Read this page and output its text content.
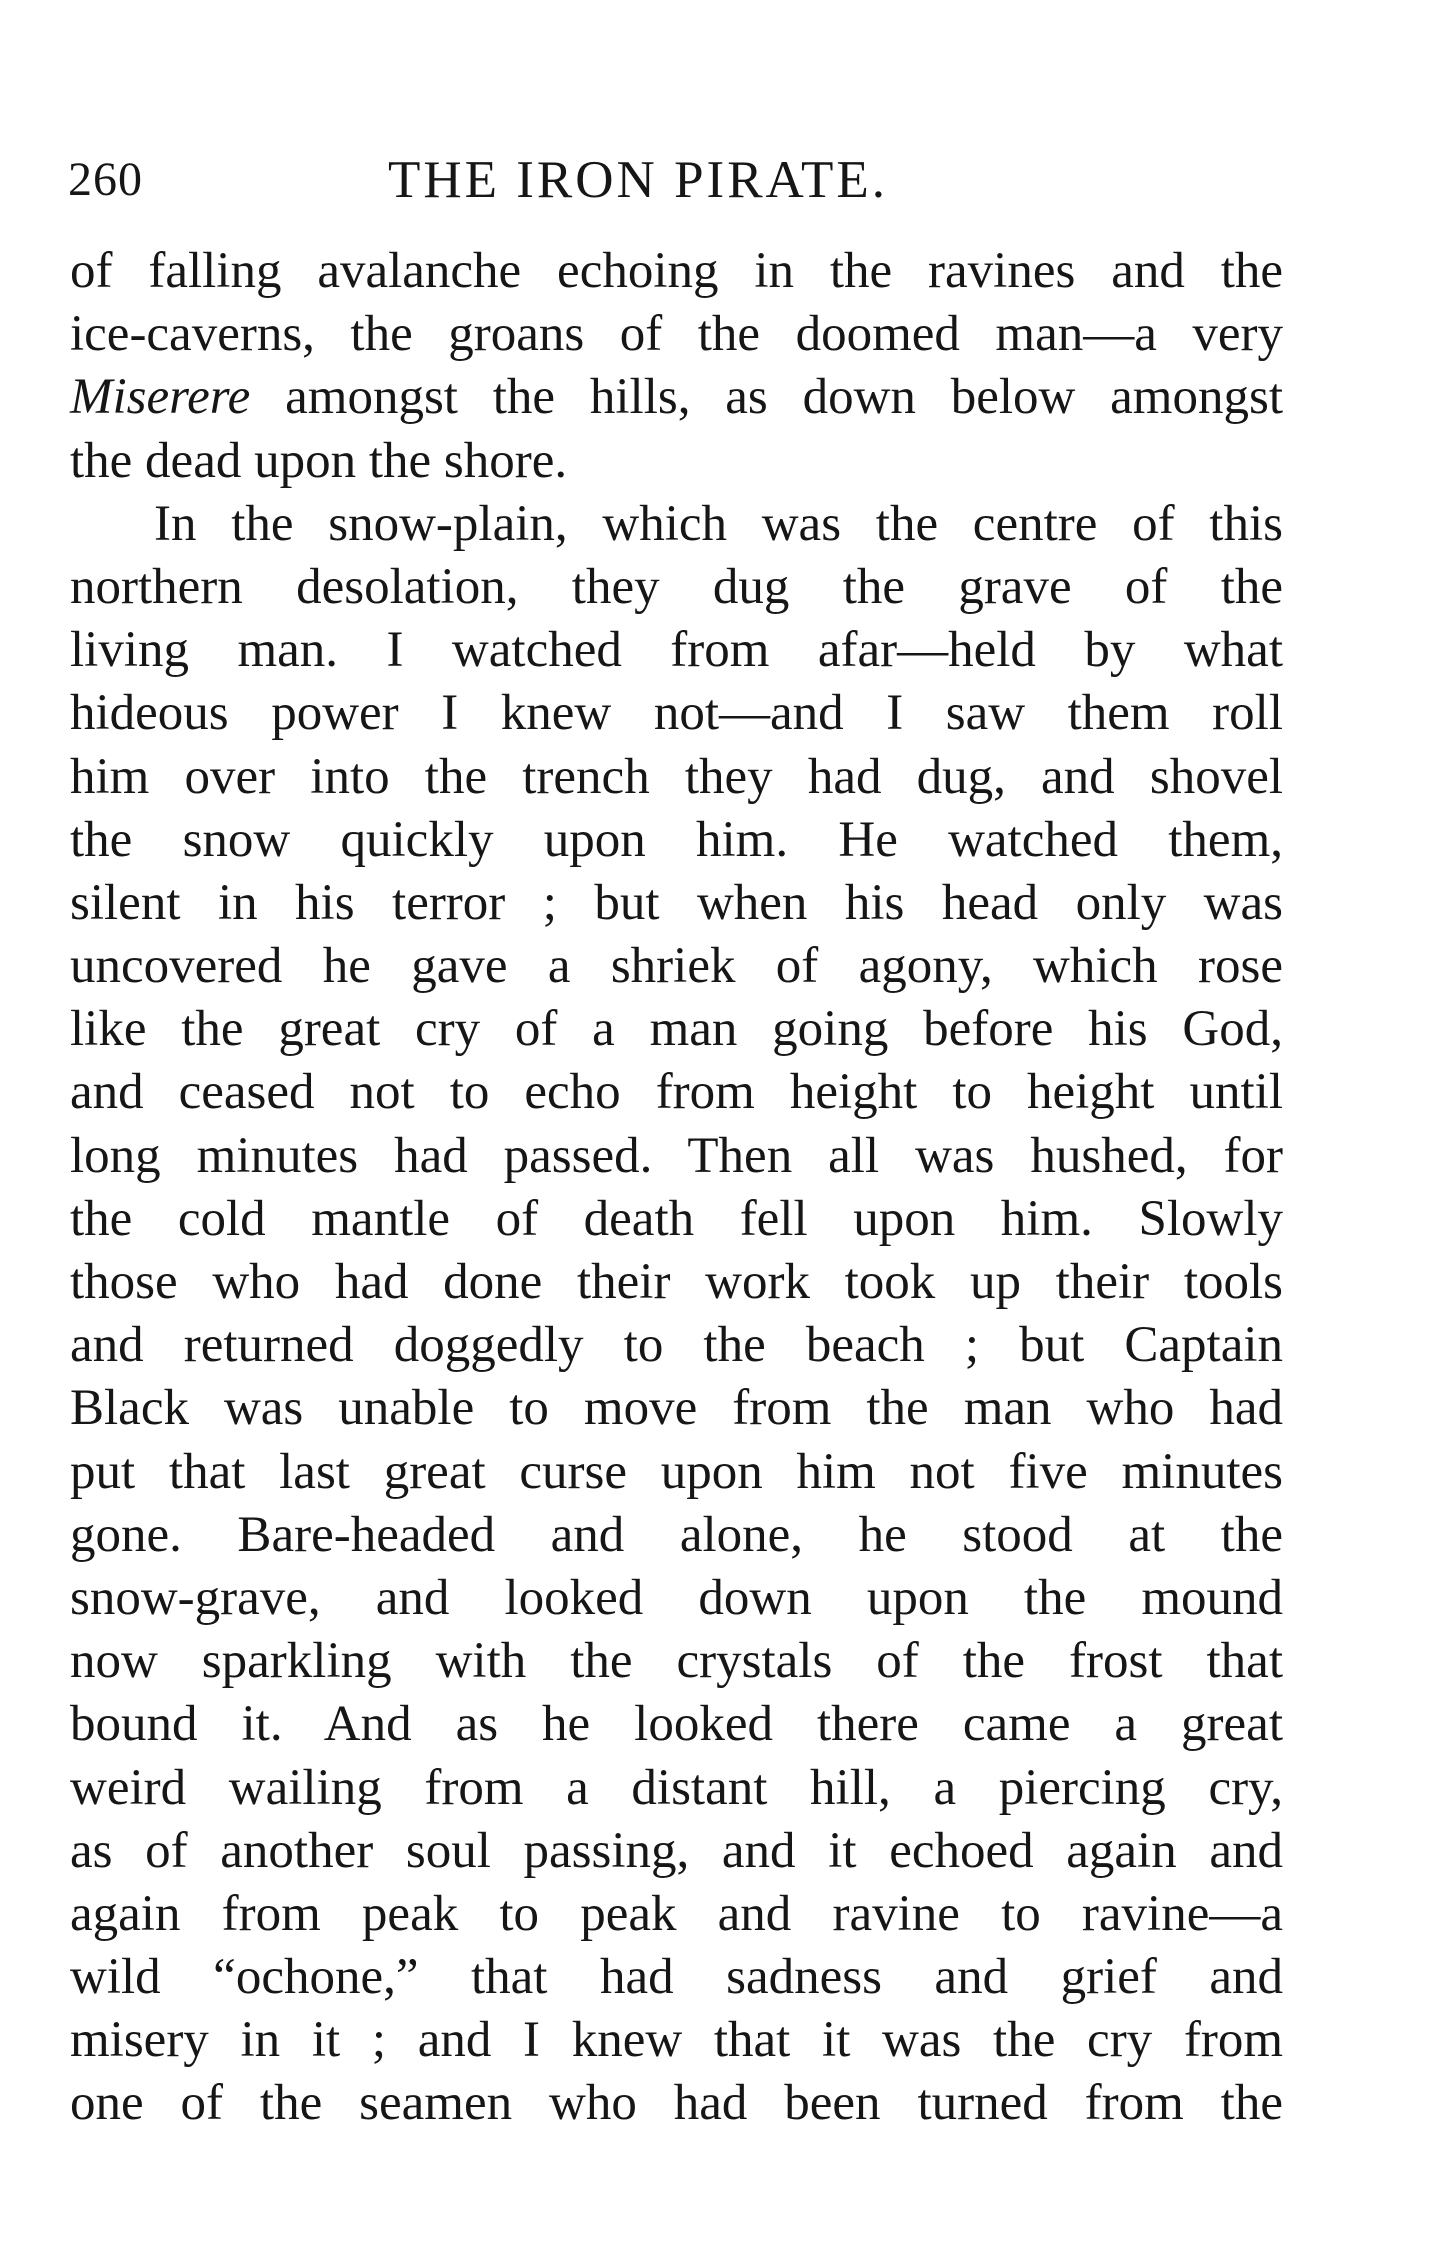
260	THE IRON PIRATE.
of falling avalanche echoing in the ravines and the
ice-caverns, the groans of the doomed man—a very
Miserere amongst the hills, as down below amongst
the dead upon the shore.
In the snow-plain, which was the centre of this
northern desolation, they dug the grave of the
living man. I watched from afar—held by what
hideous power I knew not—and I saw them roll
him over into the trench they had dug, and shovel
the snow quickly upon him. He watched them,
silent in his terror ; but when his head only was
uncovered he gave a shriek of agony, which rose
like the great cry of a man going before his God,
and ceased not to echo from height to height until
long minutes had passed. Then all was hushed, for
the cold mantle of death fell upon him. Slowly
those who had done their work took up their tools
and returned doggedly to the beach ; but Captain
Black was unable to move from the man who had
put that last great curse upon him not five minutes
gone. Bare-headed and alone, he stood at the
snow-grave, and looked down upon the mound
now sparkling with the crystals of the frost that
bound it. And as he looked there came a great
weird wailing from a distant hill, a piercing cry,
as of another soul passing, and it echoed again and
again from peak to peak and ravine to ravine—a
wild “ochone,” that had sadness and grief and
misery in it ; and I knew that it was the cry from
one of the seamen who had been turned from the
